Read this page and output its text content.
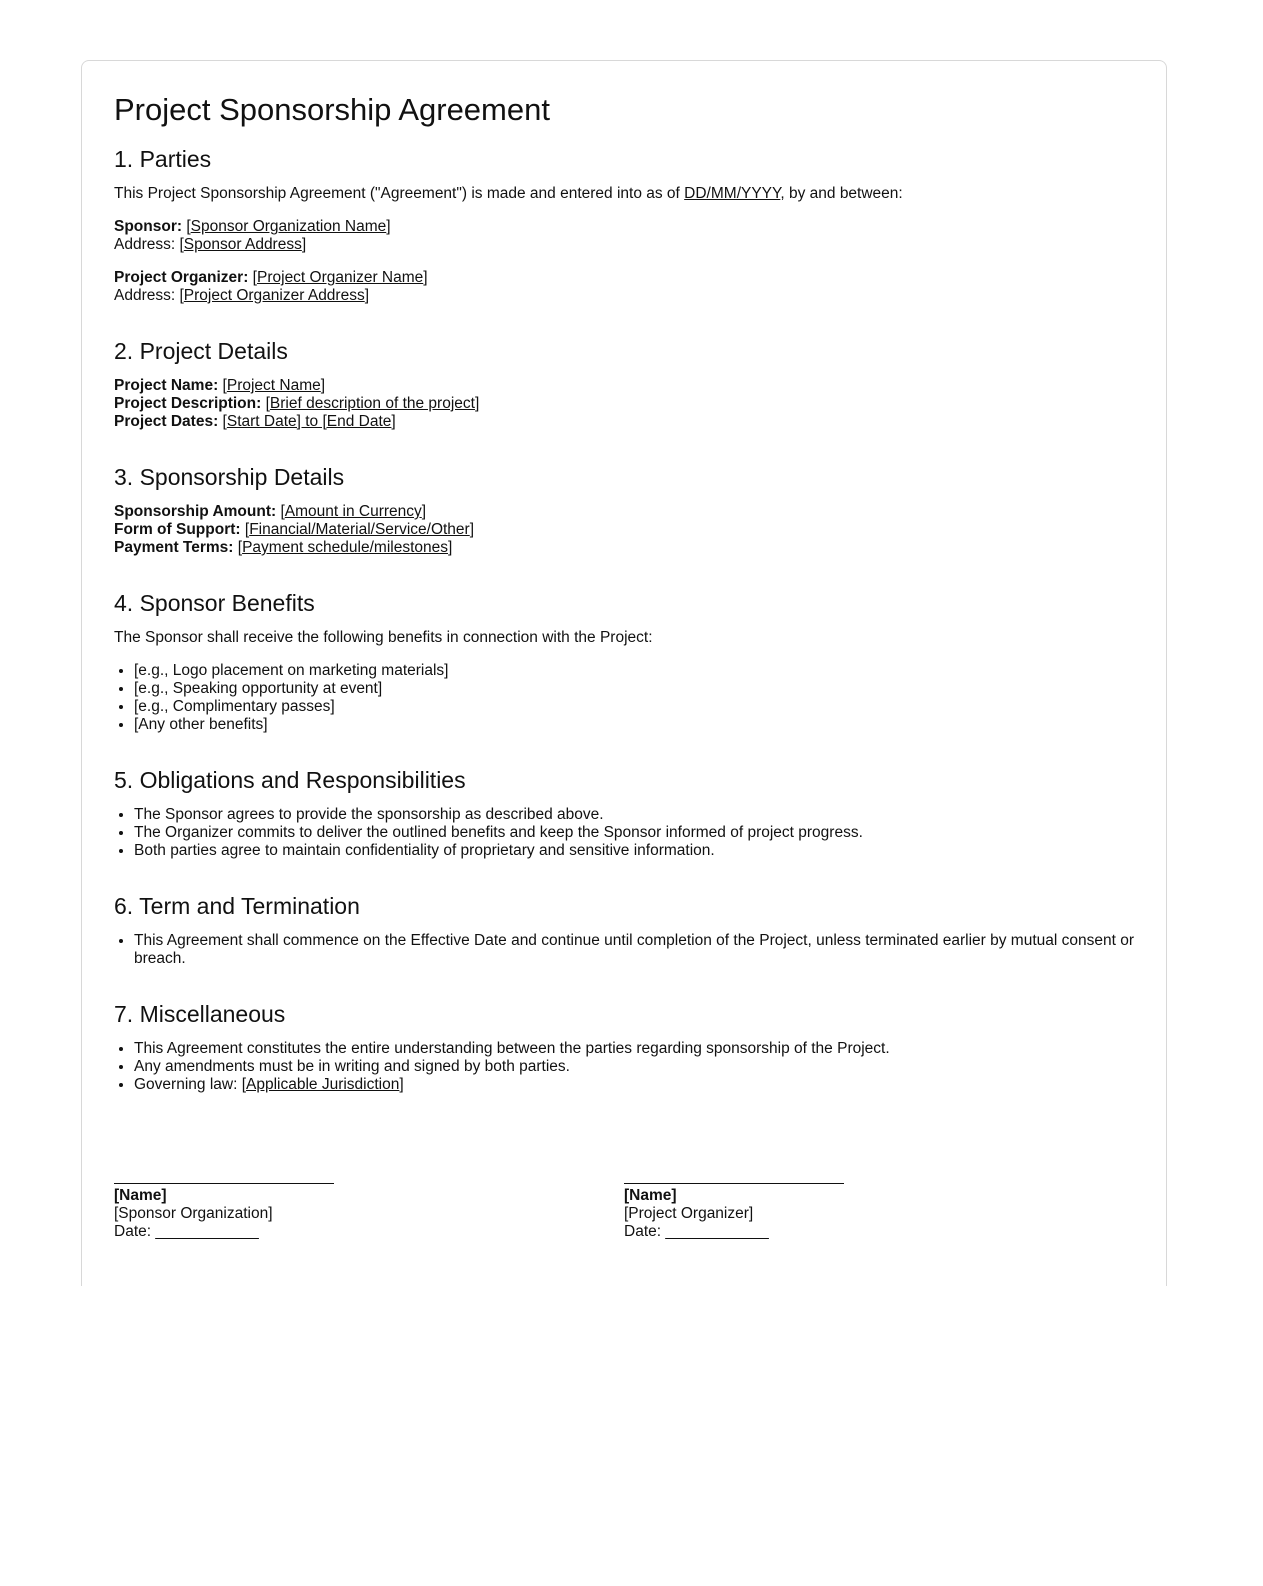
Project Sponsorship Agreement
1. Parties

This Project Sponsorship Agreement ("Agreement") is made and entered into as of DD/MM/YYYY, by and between:

Sponsor: [Sponsor Organization Name]
Address: [Sponsor Address]
Project Organizer: [Project Organizer Name]
Address: [Project Organizer Address]
2. Project Details
Project Name: [Project Name]
Project Description: [Brief description of the project]
Project Dates: [Start Date] to [End Date]
3. Sponsorship Details
Sponsorship Amount: [Amount in Currency]
Form of Support: [Financial/Material/Service/Other]
Payment Terms: [Payment schedule/milestones]
4. Sponsor Benefits

The Sponsor shall receive the following benefits in connection with the Project:

• [e.g., Logo placement on marketing materials]
• [e.g., Speaking opportunity at event]
• [e.g., Complimentary passes]
• [Any other benefits]
5. Obligations and Responsibilities
• The Sponsor agrees to provide the sponsorship as described above.
• The Organizer commits to deliver the outlined benefits and keep the Sponsor informed of project progress.
• Both parties agree to maintain confidentiality of proprietary and sensitive information.
6. Term and Termination
• This Agreement shall commence on the Effective Date and continue until completion of the Project, unless terminated earlier by mutual consent or breach.
7. Miscellaneous
• This Agreement constitutes the entire understanding between the parties regarding sponsorship of the Project.
• Any amendments must be in writing and signed by both parties.
• Governing law: [Applicable Jurisdiction]
[Name]
[Sponsor Organization]
Date: ____________
[Name]
[Project Organizer]
Date: ____________
